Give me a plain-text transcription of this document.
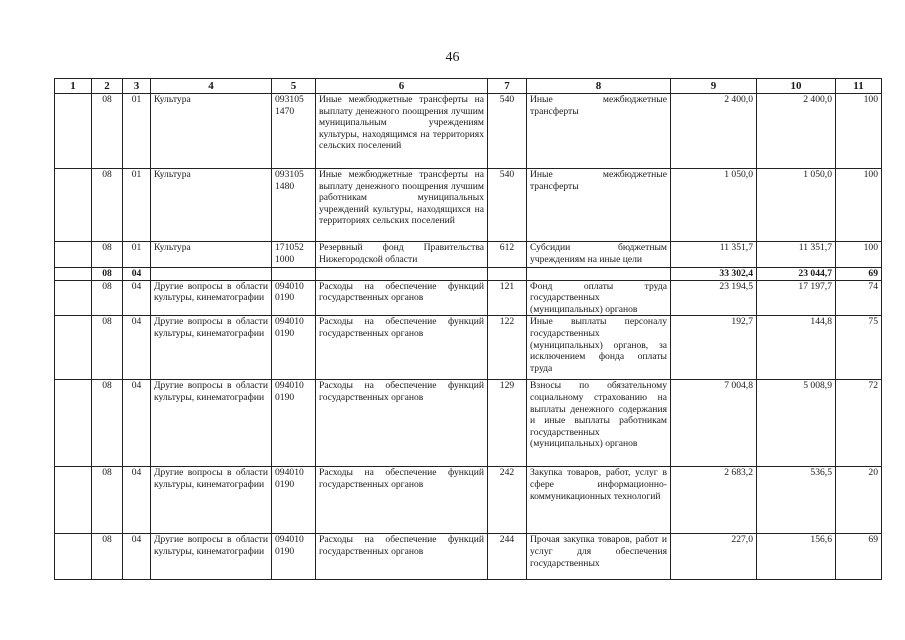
46
1	2	3	4	5	6	7	8	9	10	11
	08	01	Культура	093105 1470	Иные межбюджетные трансферты на выплату денежного поощрения лучшим муниципальным учреждениям культуры, находящимся на территориях сельских поселений	540	Иные межбюджетные трансферты	2 400,0	2 400,0	100
	08	01	Культура	093105 1480	Иные межбюджетные трансферты на выплату денежного поощрения лучшим работникам муниципальных учреждений культуры, находящихся на территориях сельских поселений	540	Иные межбюджетные трансферты	1 050,0	1 050,0	100
	08	01	Культура	171052 1000	Резервный фонд Правительства Нижегородской области	612	Субсидии бюджетным учреждениям на иные цели	11 351,7	11 351,7	100
	08	04						33 302,4	23 044,7	69
	08	04	Другие вопросы в области культуры, кинематографии	094010 0190	Расходы на обеспечение функций государственных органов	121	Фонд оплаты труда государственных (муниципальных) органов	23 194,5	17 197,7	74
	08	04	Другие вопросы в области культуры, кинематографии	094010 0190	Расходы на обеспечение функций государственных органов	122	Иные выплаты персоналу государственных (муниципальных) органов, за исключением фонда оплаты труда	192,7	144,8	75
	08	04	Другие вопросы в области культуры, кинематографии	094010 0190	Расходы на обеспечение функций государственных органов	129	Взносы по обязательному социальному страхованию на выплаты денежного содержания и иные выплаты работникам государственных (муниципальных) органов	7 004,8	5 008,9	72
	08	04	Другие вопросы в области культуры, кинематографии	094010 0190	Расходы на обеспечение функций государственных органов	242	Закупка товаров, работ, услуг в сфере информационно-коммуникационных технологий	2 683,2	536,5	20
	08	04	Другие вопросы в области культуры, кинематографии	094010 0190	Расходы на обеспечение функций государственных органов	244	Прочая закупка товаров, работ и услуг для обеспечения государственных	227,0	156,6	69
